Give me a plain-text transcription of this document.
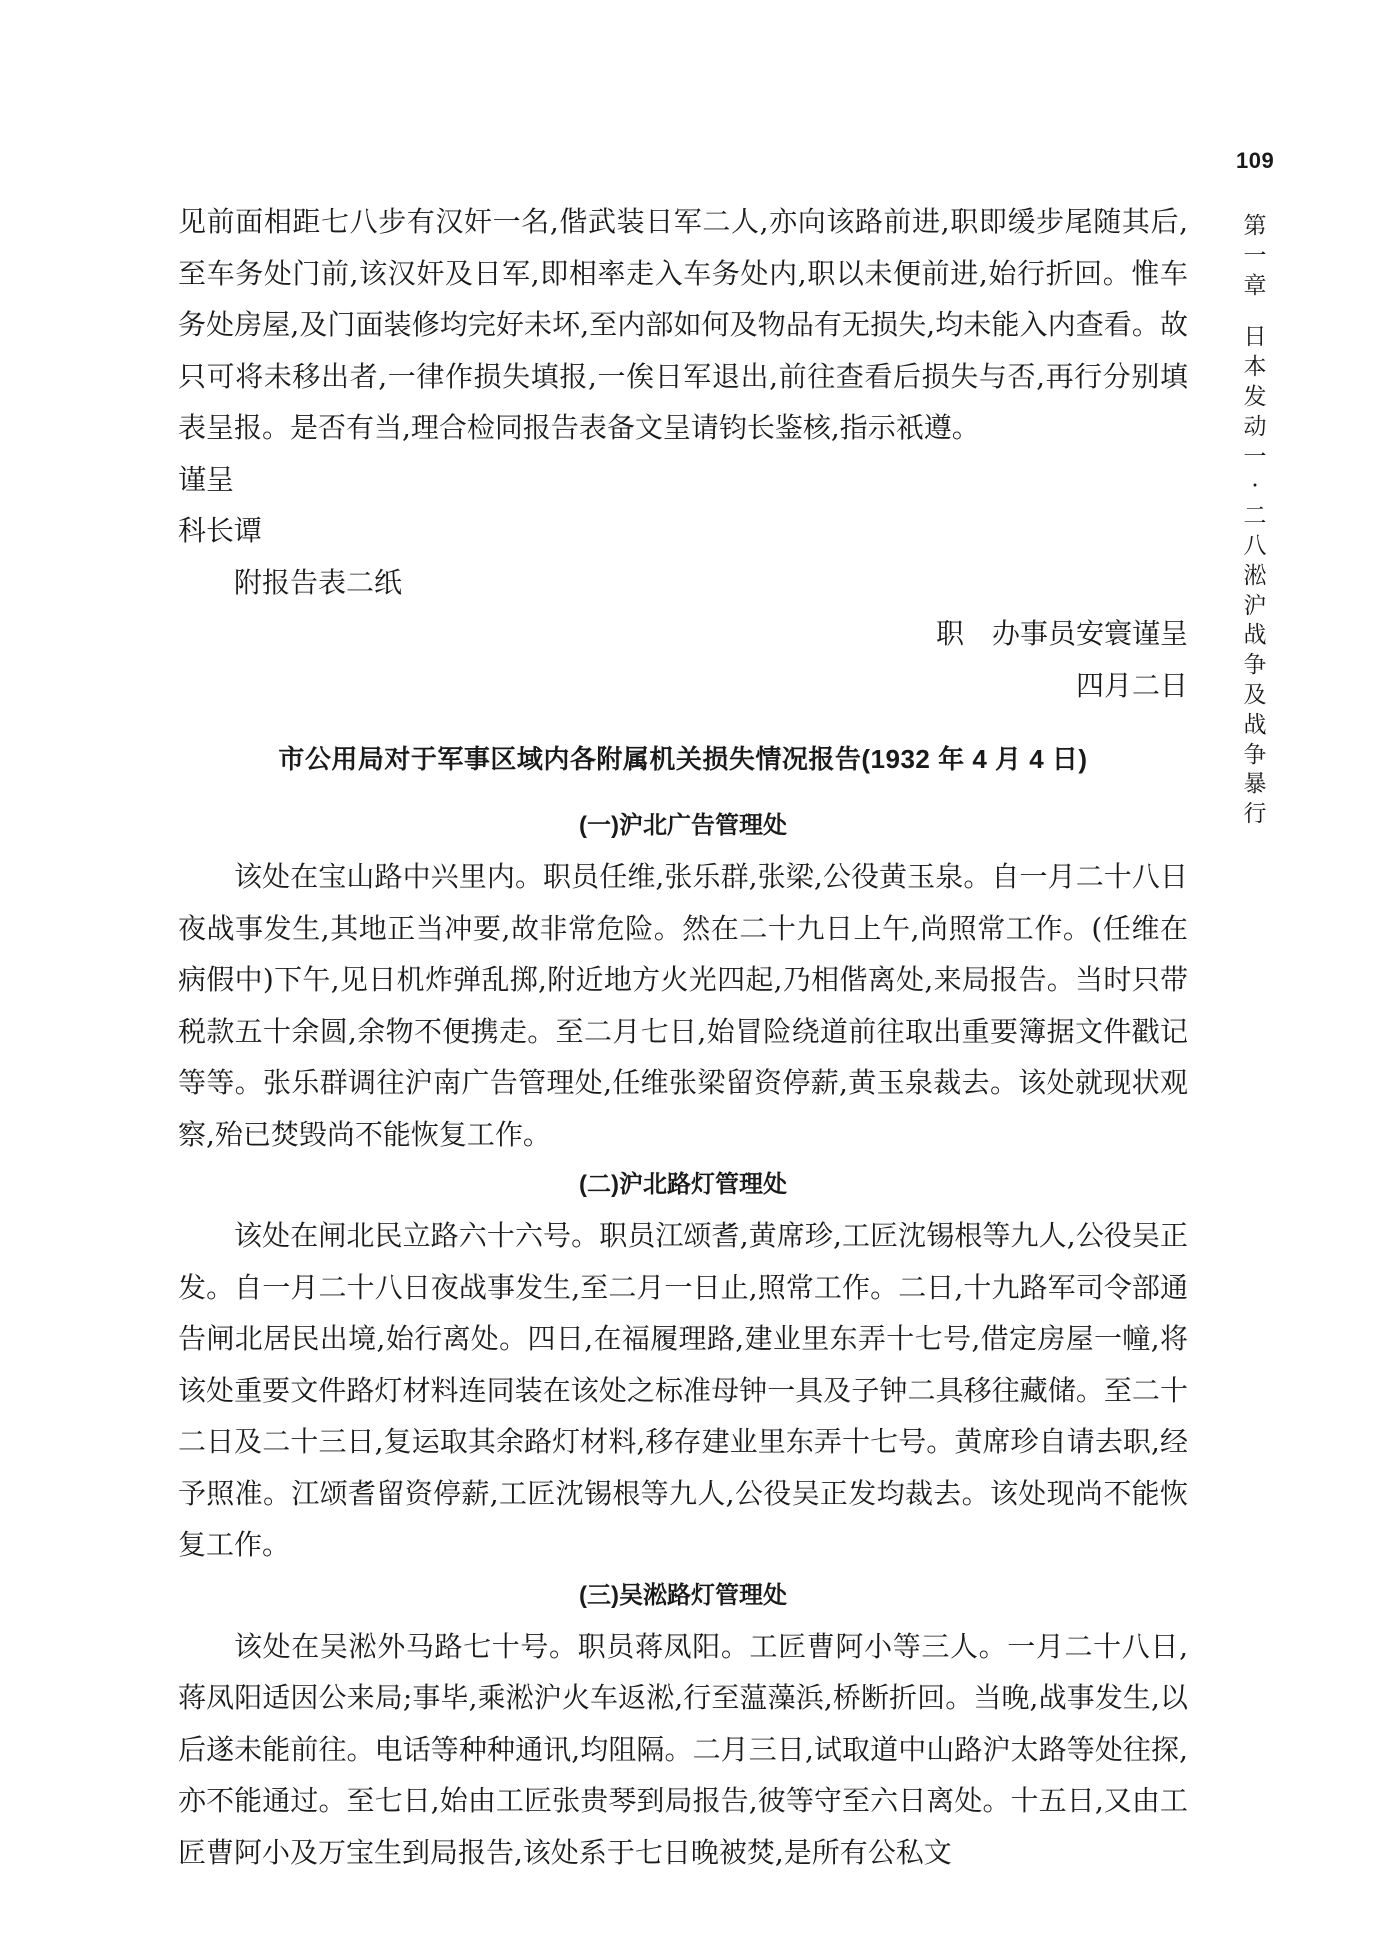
109
第一章
日本发动一·二八淞沪战争及战争暴行

见前面相距七八步有汉奸一名,偕武装日军二人,亦向该路前进,职即缓步尾随其后,至车务处门前,该汉奸及日军,即相率走入车务处内,职以未便前进,始行折回。惟车务处房屋,及门面装修均完好未坏,至内部如何及物品有无损失,均未能入内查看。故只可将未移出者,一律作损失填报,一俟日军退出,前往查看后损失与否,再行分别填表呈报。是否有当,理合检同报告表备文呈请钧长鉴核,指示祇遵。

谨呈

科长谭

附报告表二纸

职 办事员安寰谨呈

四月二日

市公用局对于军事区域内各附属机关损失情况报告(1932 年 4 月 4 日)
(一)沪北广告管理处

该处在宝山路中兴里内。职员任维,张乐群,张梁,公役黄玉泉。自一月二十八日夜战事发生,其地正当冲要,故非常危险。然在二十九日上午,尚照常工作。(任维在病假中)下午,见日机炸弹乱掷,附近地方火光四起,乃相偕离处,来局报告。当时只带税款五十余圆,余物不便携走。至二月七日,始冒险绕道前往取出重要簿据文件戳记等等。张乐群调往沪南广告管理处,任维张梁留资停薪,黄玉泉裁去。该处就现状观察,殆已焚毁尚不能恢复工作。

(二)沪北路灯管理处

该处在闸北民立路六十六号。职员江颂耆,黄席珍,工匠沈锡根等九人,公役吴正发。自一月二十八日夜战事发生,至二月一日止,照常工作。二日,十九路军司令部通告闸北居民出境,始行离处。四日,在福履理路,建业里东弄十七号,借定房屋一幢,将该处重要文件路灯材料连同装在该处之标准母钟一具及子钟二具移往藏储。至二十二日及二十三日,复运取其余路灯材料,移存建业里东弄十七号。黄席珍自请去职,经予照准。江颂耆留资停薪,工匠沈锡根等九人,公役吴正发均裁去。该处现尚不能恢复工作。

(三)吴淞路灯管理处

该处在吴淞外马路七十号。职员蒋凤阳。工匠曹阿小等三人。一月二十八日,蒋凤阳适因公来局;事毕,乘淞沪火车返淞,行至蕰藻浜,桥断折回。当晚,战事发生,以后遂未能前往。电话等种种通讯,均阻隔。二月三日,试取道中山路沪太路等处往探,亦不能通过。至七日,始由工匠张贵琴到局报告,彼等守至六日离处。十五日,又由工匠曹阿小及万宝生到局报告,该处系于七日晚被焚,是所有公私文
